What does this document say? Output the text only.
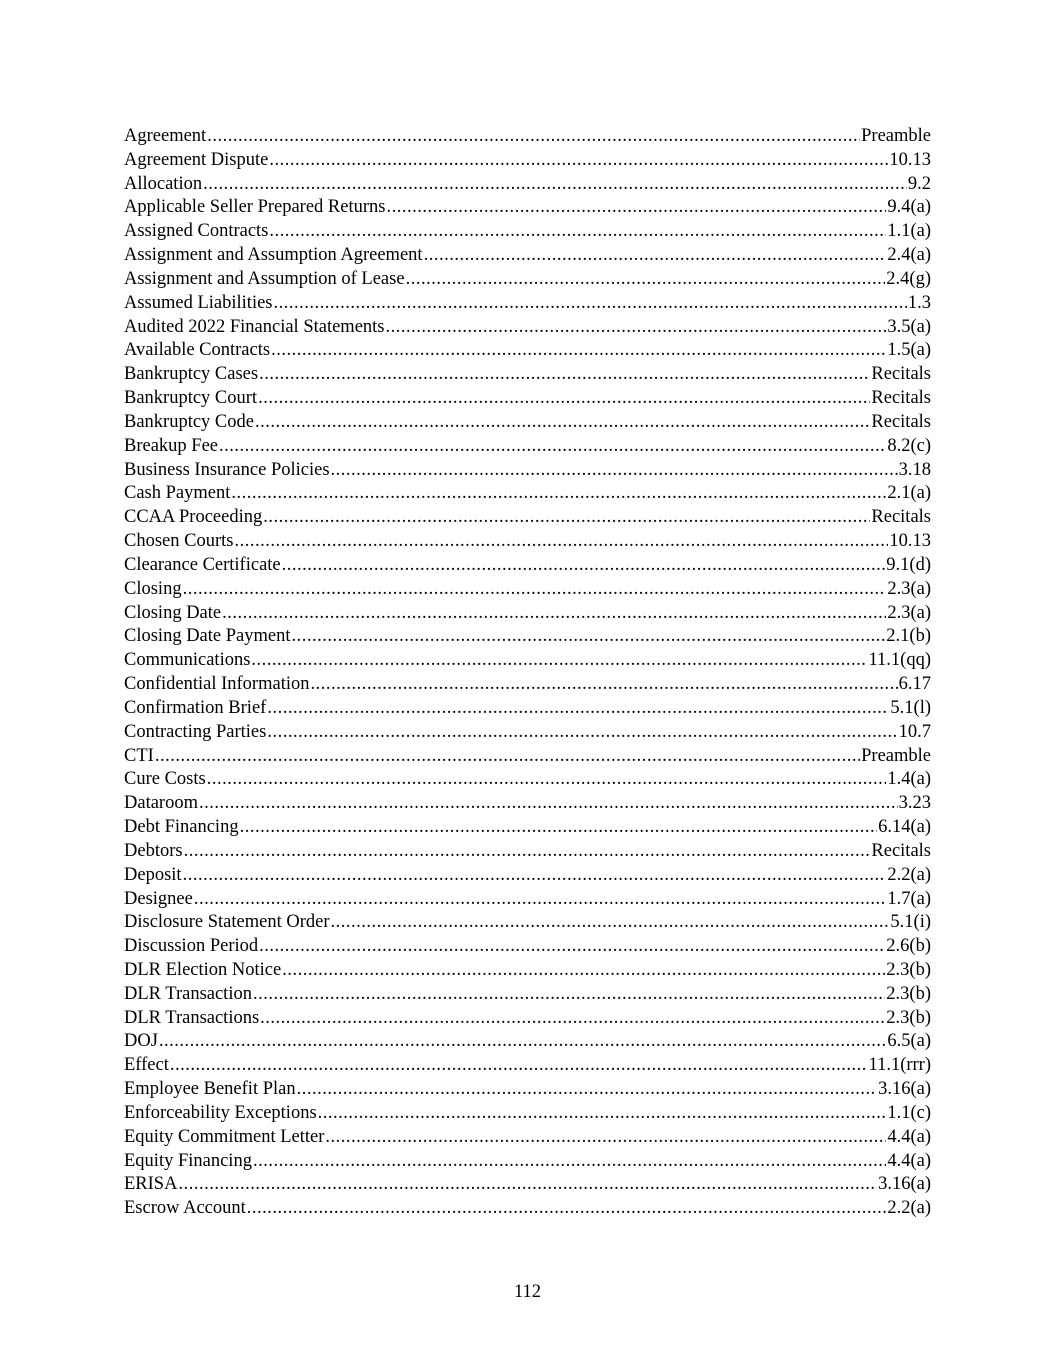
Agreement .....	Preamble
Agreement Dispute .....	10.13
Allocation .....	9.2
Applicable Seller Prepared Returns .....	9.4(a)
Assigned Contracts .....	1.1(a)
Assignment and Assumption Agreement .....	2.4(a)
Assignment and Assumption of Lease .....	2.4(g)
Assumed Liabilities .....	1.3
Audited 2022 Financial Statements .....	3.5(a)
Available Contracts .....	1.5(a)
Bankruptcy Cases .....	Recitals
Bankruptcy Court .....	Recitals
Bankruptcy Code .....	Recitals
Breakup Fee .....	8.2(c)
Business Insurance Policies .....	3.18
Cash Payment .....	2.1(a)
CCAA Proceeding .....	Recitals
Chosen Courts .....	10.13
Clearance Certificate .....	9.1(d)
Closing .....	2.3(a)
Closing Date .....	2.3(a)
Closing Date Payment .....	2.1(b)
Communications .....	11.1(qq)
Confidential Information .....	6.17
Confirmation Brief .....	5.1(l)
Contracting Parties .....	10.7
CTI .....	Preamble
Cure Costs .....	1.4(a)
Dataroom .....	3.23
Debt Financing .....	6.14(a)
Debtors .....	Recitals
Deposit .....	2.2(a)
Designee .....	1.7(a)
Disclosure Statement Order .....	5.1(i)
Discussion Period .....	2.6(b)
DLR Election Notice .....	2.3(b)
DLR Transaction .....	2.3(b)
DLR Transactions .....	2.3(b)
DOJ .....	6.5(a)
Effect .....	11.1(rrr)
Employee Benefit Plan .....	3.16(a)
Enforceability Exceptions .....	1.1(c)
Equity Commitment Letter .....	4.4(a)
Equity Financing .....	4.4(a)
ERISA .....	3.16(a)
Escrow Account .....	2.2(a)
112
